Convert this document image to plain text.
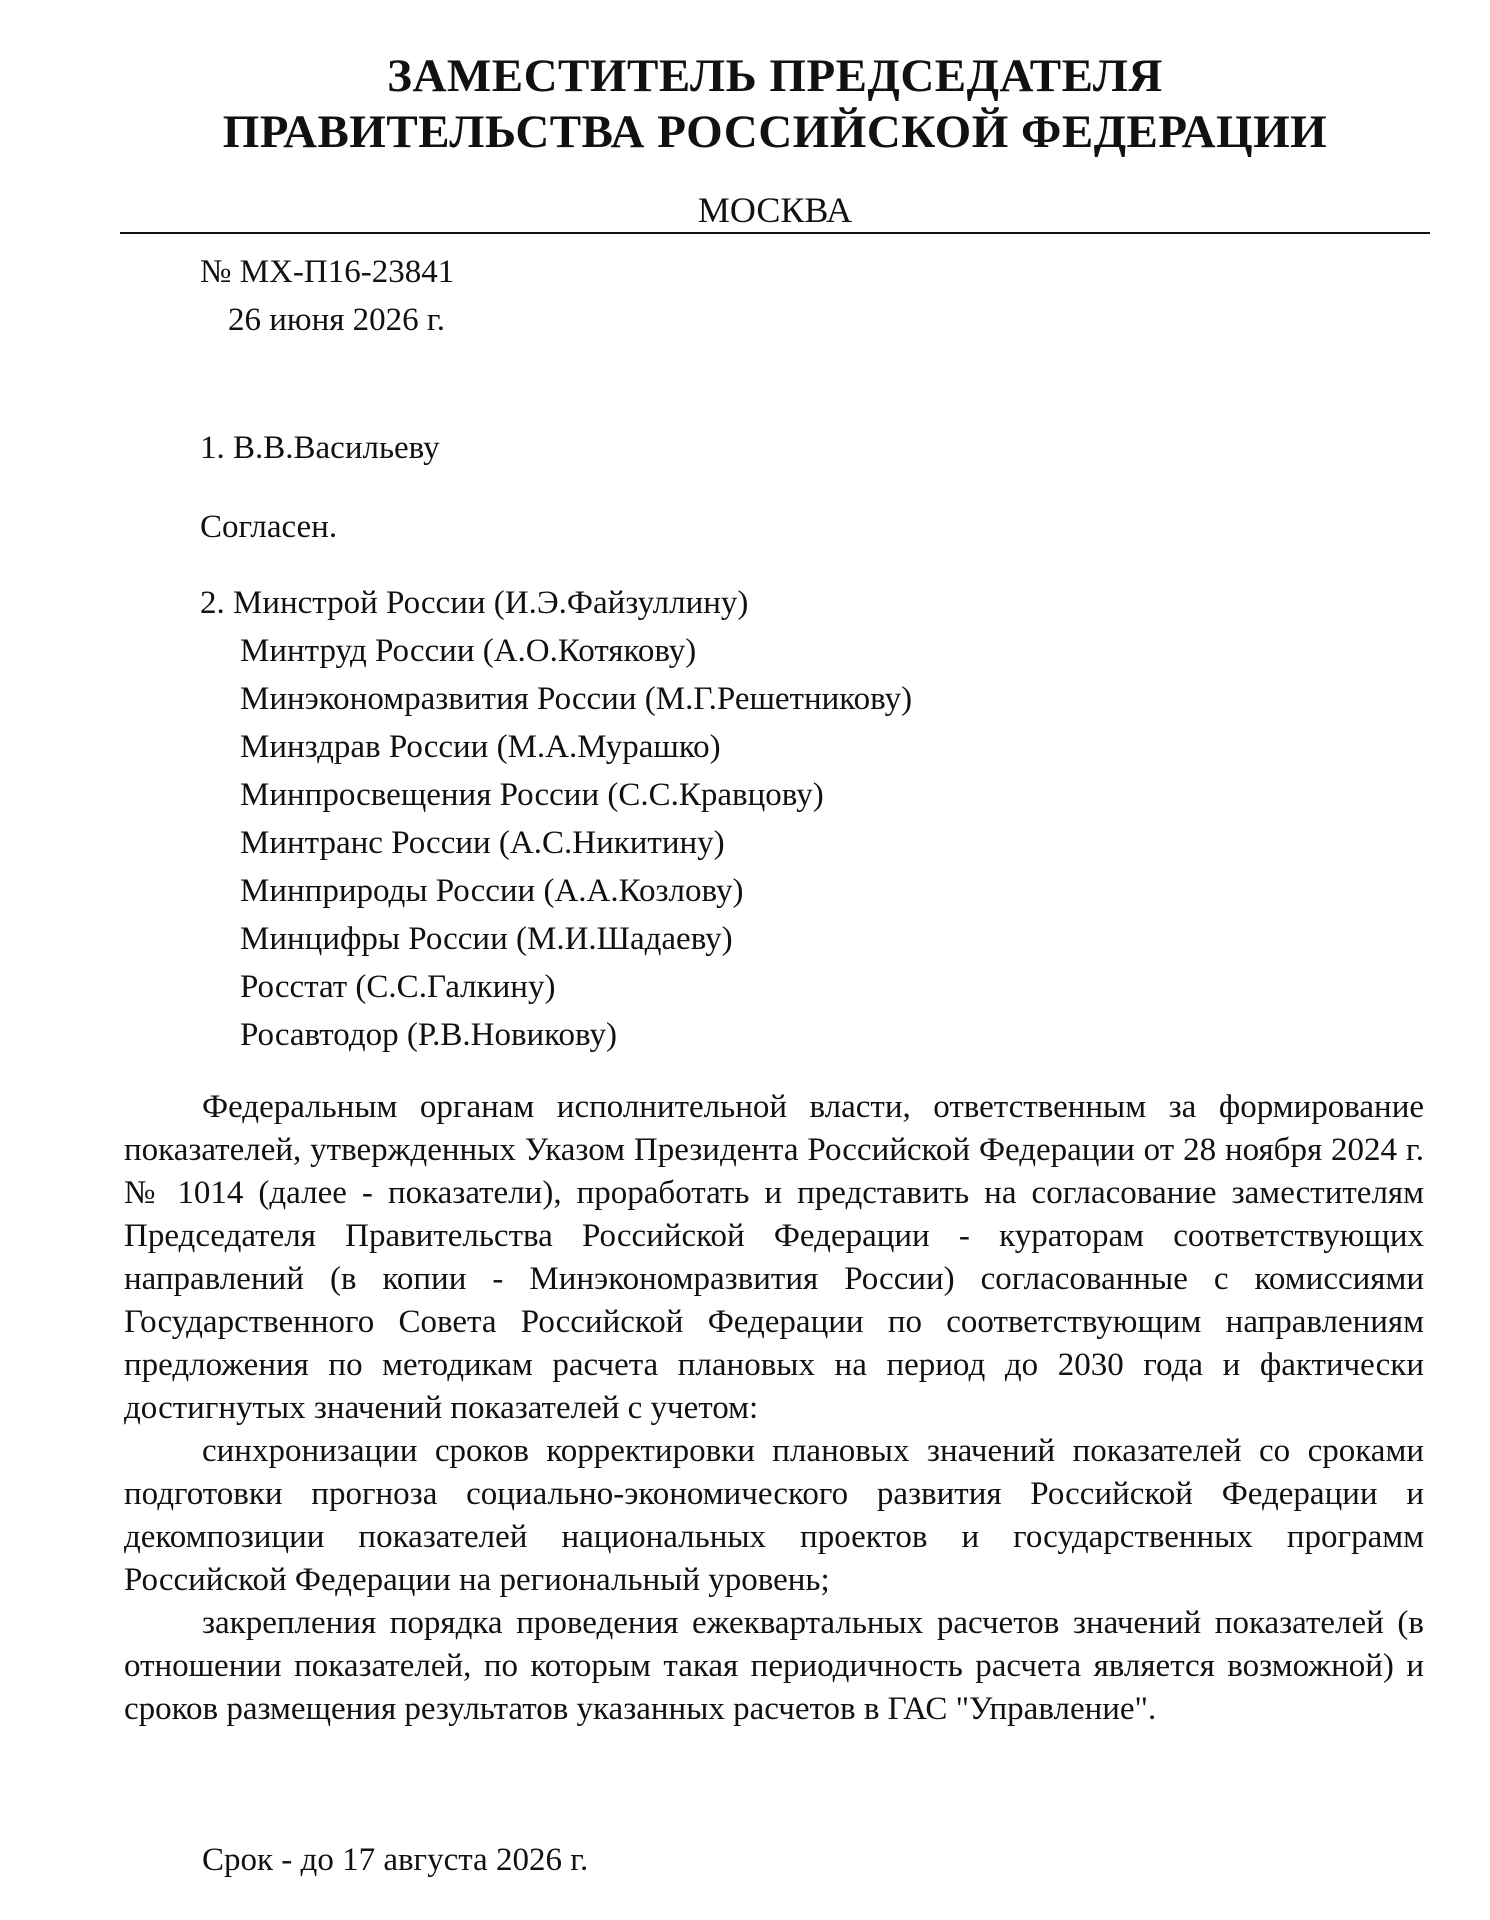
ЗАМЕСТИТЕЛЬ ПРЕДСЕДАТЕЛЯ
ПРАВИТЕЛЬСТВА РОССИЙСКОЙ ФЕДЕРАЦИИ
МОСКВА
№ МХ-П16-23841
26 июня 2026 г.
1. В.В.Васильеву
Согласен.
2. Минстрой России (И.Э.Файзуллину)
Минтруд России (А.О.Котякову)
Минэкономразвития России (М.Г.Решетникову)
Минздрав России (М.А.Мурашко)
Минпросвещения России (С.С.Кравцову)
Минтранс России (А.С.Никитину)
Минприроды России (А.А.Козлову)
Минцифры России (М.И.Шадаеву)
Росстат (С.С.Галкину)
Росавтодор (Р.В.Новикову)

Федеральным органам исполнительной власти, ответственным за формирование показателей, утвержденных Указом Президента Российской Федерации от 28 ноября 2024 г. № 1014 (далее - показатели), проработать и представить на согласование заместителям Председателя Правительства Российской Федерации - кураторам соответствующих направлений (в копии - Минэкономразвития России) согласованные с комиссиями Государственного Совета Российской Федерации по соответствующим направлениям предложения по методикам расчета плановых на период до 2030 года и фактически достигнутых значений показателей с учетом:

синхронизации сроков корректировки плановых значений показателей со сроками подготовки прогноза социально-экономического развития Российской Федерации и декомпозиции показателей национальных проектов и государственных программ Российской Федерации на региональный уровень;

закрепления порядка проведения ежеквартальных расчетов значений показателей (в отношении показателей, по которым такая периодичность расчета является возможной) и сроков размещения результатов указанных расчетов в ГАС "Управление".

Срок - до 17 августа 2026 г.
